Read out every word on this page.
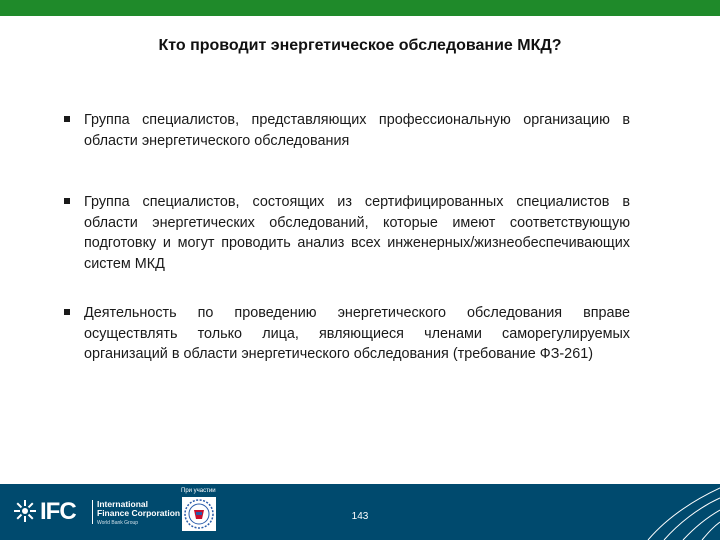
Кто проводит энергетическое обследование МКД?
Группа специалистов, представляющих профессиональную организацию в области энергетического обследования
Группа специалистов, состоящих из сертифицированных специалистов в области энергетических обследований, которые имеют соответствующую подготовку и могут проводить анализ всех инженерных/жизнеобеспечивающих систем МКД
Деятельность по проведению энергетического обследования вправе осуществлять только лица, являющиеся членами саморегулируемых организаций в области энергетического обследования (требование ФЗ-261)
IFC	International
Finance Corporation
World Bank Group
При участии
143
